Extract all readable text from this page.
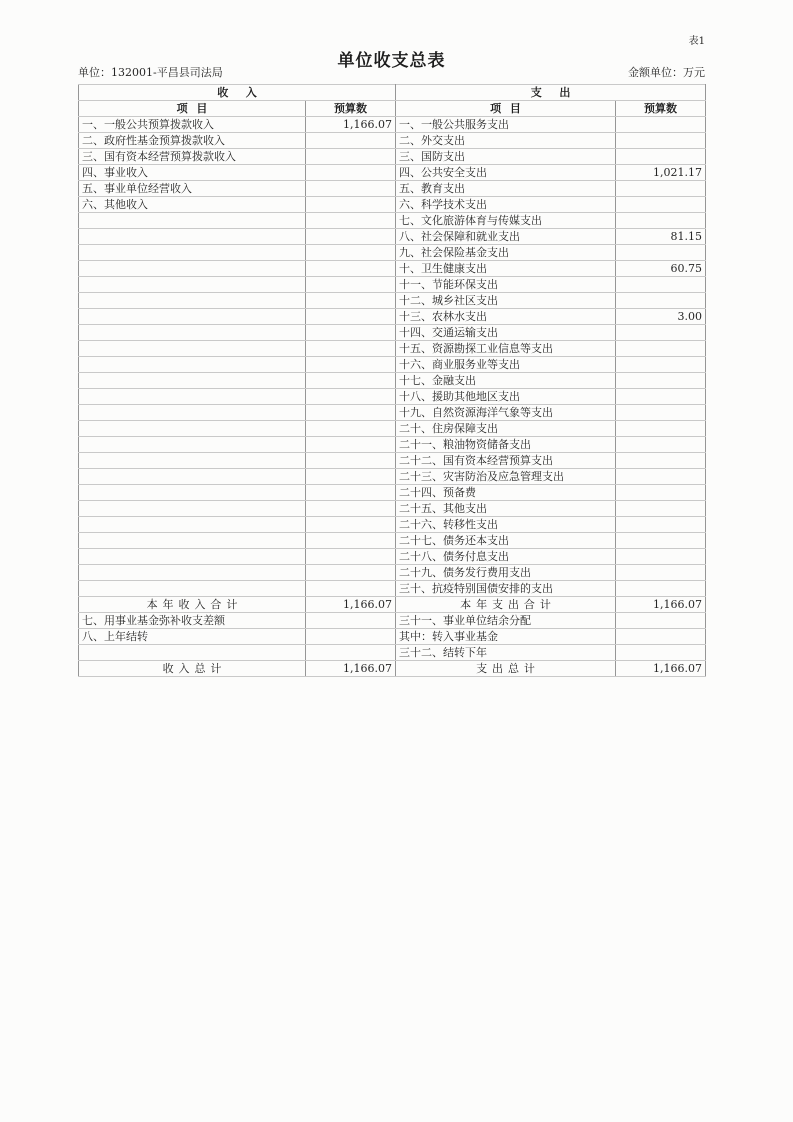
表1
单位收支总表
单位：132001-平昌县司法局	金额单位：万元
收入		支出	
项目	预算数	项目	预算数
一、一般公共预算拨款收入	1,166.07	一、一般公共服务支出	
二、政府性基金预算拨款收入		二、外交支出	
三、国有资本经营预算拨款收入		三、国防支出	
四、事业收入		四、公共安全支出	1,021.17
五、事业单位经营收入		五、教育支出	
六、其他收入		六、科学技术支出	
		七、文化旅游体育与传媒支出	
		八、社会保障和就业支出	81.15
		九、社会保险基金支出	
		十、卫生健康支出	60.75
		十一、节能环保支出	
		十二、城乡社区支出	
		十三、农林水支出	3.00
		十四、交通运输支出	
		十五、资源勘探工业信息等支出	
		十六、商业服务业等支出	
		十七、金融支出	
		十八、援助其他地区支出	
		十九、自然资源海洋气象等支出	
		二十、住房保障支出	
		二十一、粮油物资储备支出	
		二十二、国有资本经营预算支出	
		二十三、灾害防治及应急管理支出	
		二十四、预备费	
		二十五、其他支出	
		二十六、转移性支出	
		二十七、债务还本支出	
		二十八、债务付息支出	
		二十九、债务发行费用支出	
		三十、抗疫特别国债安排的支出	
本年收入合计	1,166.07	本年支出合计	1,166.07
七、用事业基金弥补收支差额		三十一、事业单位结余分配	
八、上年结转		其中：转入事业基金	
		三十二、结转下年	
收入总计	1,166.07	支出总计	1,166.07
